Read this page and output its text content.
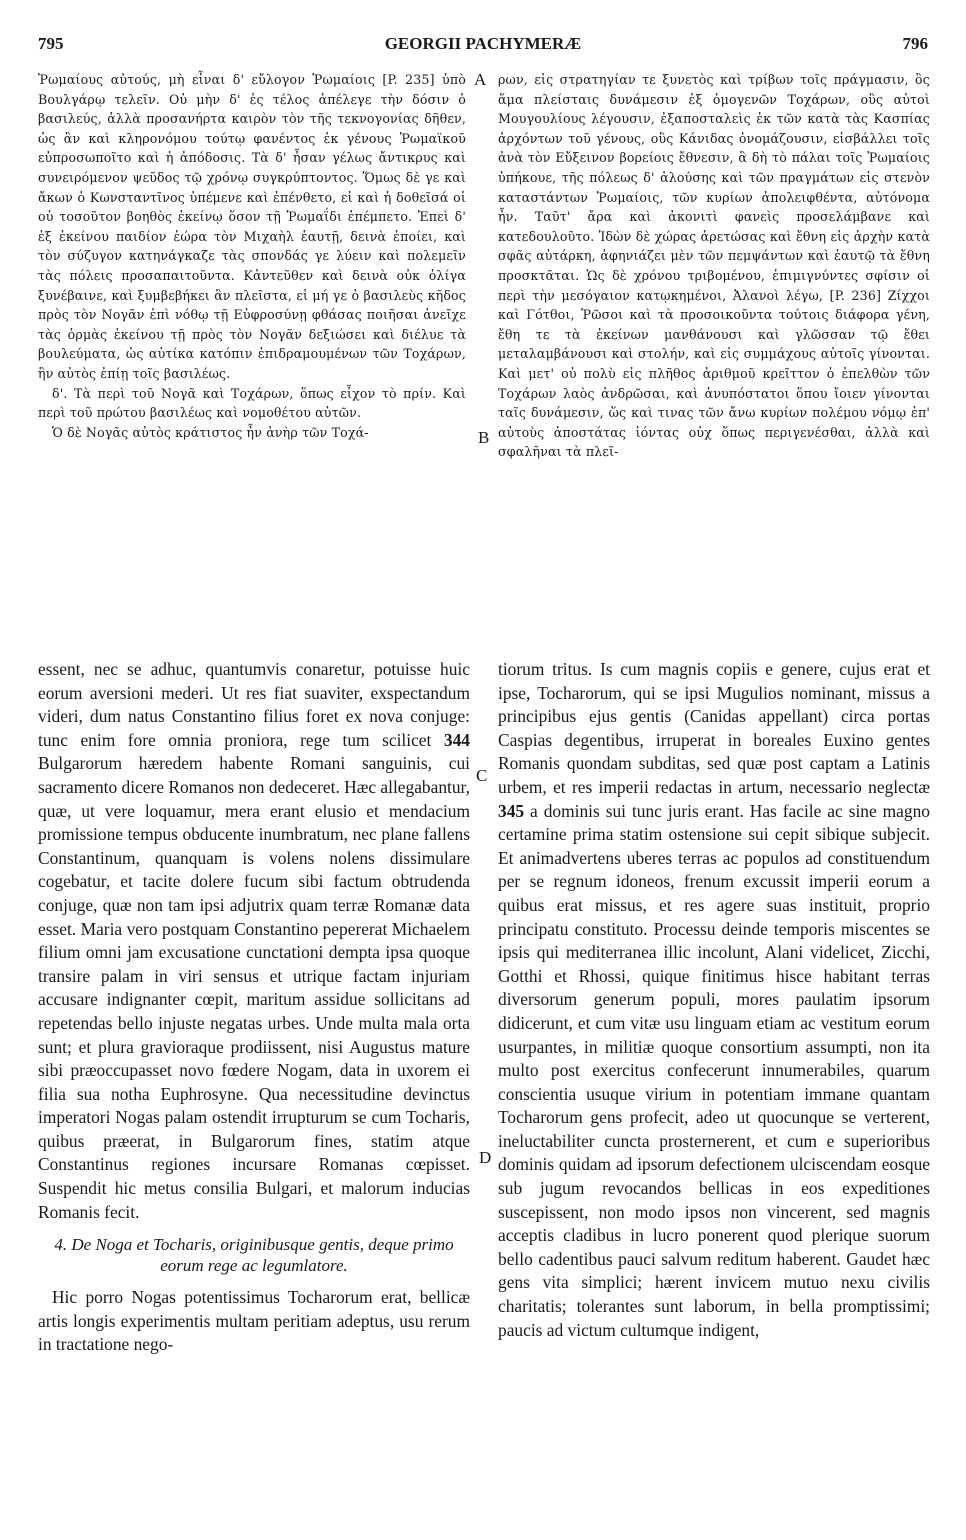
795	GEORGII PACHYMERÆ	796
A
B
C
D

Ῥωμαίους αὐτούς, μὴ εἶναι δ' εὔλογον Ῥωμαίοις [P. 235] ὑπὸ Βουλγάρῳ τελεῖν. Οὐ μὴν δ' ἐς τέλος ἀπέλεγε τὴν δόσιν ὁ βασιλεύς, ἀλλὰ προσανήρτα καιρὸν τὸν τῆς τεκνογονίας δῆθεν, ὡς ἂν καὶ κληρονόμου τούτῳ φανέντος ἐκ γένους Ῥωμαϊκοῦ εὐπροσωποῖτο καὶ ἡ ἀπόδοσις. Τὰ δ' ἦσαν γέλως ἄντικρυς καὶ συνειρόμενον ψεῦδος τῷ χρόνῳ συγκρύπτοντος. Ὅμως δὲ γε καὶ ἄκων ὁ Κωνσταντῖνος ὑπέμενε καὶ ἐπένθετο, εἰ καὶ ἡ δοθεῖσά οἱ οὐ τοσοῦτον βοηθὸς ἐκείνῳ ὅσον τῇ Ῥωμαΐδι ἐπέμπετο. Ἐπεὶ δ' ἐξ ἐκείνου παιδίον ἑώρα τὸν Μιχαὴλ ἑαυτῇ, δεινὰ ἐποίει, καὶ τὸν σύζυγον κατηνάγκαζε τὰς σπονδάς γε λύειν καὶ πολεμεῖν τὰς πόλεις προσαπαιτοῦντα. Κἀντεῦθεν καὶ δεινὰ οὐκ ὀλίγα ξυνέβαινε, καὶ ξυμβεβήκει ἂν πλεῖστα, εἰ μή γε ὁ βασιλεὺς κῆδος πρὸς τὸν Νογᾶν ἐπὶ νόθῳ τῇ Εὐφροσύνῃ φθάσας ποιῆσαι ἀνεῖχε τὰς ὁρμὰς ἐκείνου τῇ πρὸς τὸν Νογᾶν δεξιώσει καὶ διέλυε τὰ βουλεύματα, ὡς αὐτίκα κατόπιν ἐπιδραμουμένων τῶν Τοχάρων, ἣν αὐτὸς ἐπίῃ τοῖς βασιλέως.

δ'. Τὰ περὶ τοῦ Νογᾶ καὶ Τοχάρων, ὅπως εἶχον τὸ πρίν. Καὶ περὶ τοῦ πρώτου βασιλέως καὶ νομοθέτου αὐτῶν.

Ὁ δὲ Νογᾶς αὐτὸς κράτιστος ἦν ἀνὴρ τῶν Τοχά-

ρων, εἰς στρατηγίαν τε ξυνετὸς καὶ τρίβων τοῖς πράγμασιν, ὃς ἅμα πλείσταις δυνάμεσιν ἐξ ὁμογενῶν Τοχάρων, οὓς αὐτοὶ Μουγουλίους λέγουσιν, ἐξαποσταλεὶς ἐκ τῶν κατὰ τὰς Κασπίας ἀρχόντων τοῦ γένους, οὓς Κάνιδας ὀνομάζουσιν, εἰσβάλλει τοῖς ἀνὰ τὸν Εὔξεινον βορείοις ἔθνεσιν, ἃ δὴ τὸ πάλαι τοῖς Ῥωμαίοις ὑπήκουε, τῆς πόλεως δ' ἁλούσης καὶ τῶν πραγμάτων εἰς στενὸν καταστάντων Ῥωμαίοις, τῶν κυρίων ἀπολειφθέντα, αὐτόνομα ἦν. Ταῦτ' ἄρα καὶ ἀκονιτὶ φανεὶς προσελάμβανε καὶ κατεδουλοῦτο. Ἰδὼν δὲ χώρας ἀρετώσας καὶ ἔθνη εἰς ἀρχὴν κατὰ σφᾶς αὐτάρκη, ἀφηνιάζει μὲν τῶν πεμψάντων καὶ ἑαυτῷ τὰ ἔθνη προσκτᾶται. Ὡς δὲ χρόνου τριβομένου, ἐπιμιγνύντες σφίσιν οἱ περὶ τὴν μεσόγαιον κατῳκημένοι, Ἀλανοὶ λέγω, [P. 236] Ζίχχοι καὶ Γότθοι, Ῥῶσοι καὶ τὰ προσοικοῦντα τούτοις διάφορα γένη, ἔθη τε τὰ ἐκείνων μανθάνουσι καὶ γλῶσσαν τῷ ἔθει μεταλαμβάνουσι καὶ στολήν, καὶ εἰς συμμάχους αὐτοῖς γίνονται. Καὶ μετ' οὐ πολὺ εἰς πλῆθος ἀριθμοῦ κρεῖττον ὁ ἐπελθὼν τῶν Τοχάρων λαὸς ἀνδρῶσαι, καὶ ἀνυπόστατοι ὅπου ἴοιεν γίνονται ταῖς δυνάμεσιν, ὥς καὶ τινας τῶν ἄνω κυρίων πολέμου νόμῳ ἐπ' αὐτοὺς ἀποστάτας ἰόντας οὐχ ὅπως περιγενέσθαι, ἀλλὰ καὶ σφαλῆναι τὰ πλεῖ-

essent, nec se adhuc, quantumvis conaretur, potuisse huic eorum aversioni mederi. Ut res fiat suaviter, exspectandum videri, dum natus Constantino filius foret ex nova conjuge: tunc enim fore omnia proniora, rege tum scilicet 344 Bulgarorum hæredem habente Romani sanguinis, cui sacramento dicere Romanos non dedeceret. Hæc allegabantur, quæ, ut vere loquamur, mera erant elusio et mendacium promissione tempus obducente inumbratum, nec plane fallens Constantinum, quanquam is volens nolens dissimulare cogebatur, et tacite dolere fucum sibi factum obtrudenda conjuge, quæ non tam ipsi adjutrix quam terræ Romanæ data esset. Maria vero postquam Constantino pepererat Michaelem filium omni jam excusatione cunctationi dempta ipsa quoque transire palam in viri sensus et utrique factam injuriam accusare indignanter cœpit, maritum assidue sollicitans ad repetendas bello injuste negatas urbes. Unde multa mala orta sunt; et plura gravioraque prodiissent, nisi Augustus mature sibi præoccupasset novo fœdere Nogam, data in uxorem ei filia sua notha Euphrosyne. Qua necessitudine devinctus imperatori Nogas palam ostendit irrupturum se cum Tocharis, quibus præerat, in Bulgarorum fines, statim atque Constantinus regiones incursare Romanas cœpisset. Suspendit hic metus consilia Bulgari, et malorum inducias Romanis fecit.

4. De Noga et Tocharis, originibusque gentis, deque primo eorum rege ac legumlatore.

Hic porro Nogas potentissimus Tocharorum erat, bellicæ artis longis experimentis multam peritiam adeptus, usu rerum in tractatione nego-

tiorum tritus. Is cum magnis copiis e genere, cujus erat et ipse, Tocharorum, qui se ipsi Mugulios nominant, missus a principibus ejus gentis (Canidas appellant) circa portas Caspias degentibus, irruperat in boreales Euxino gentes Romanis quondam subditas, sed quæ post captam a Latinis urbem, et res imperii redactas in artum, necessario neglectæ 345 a dominis sui tunc juris erant. Has facile ac sine magno certamine prima statim ostensione sui cepit sibique subjecit. Et animadvertens uberes terras ac populos ad constituendum per se regnum idoneos, frenum excussit imperii eorum a quibus erat missus, et res agere suas instituit, proprio principatu constituto. Processu deinde temporis miscentes se ipsis qui mediterranea illic incolunt, Alani videlicet, Zicchi, Gotthi et Rhossi, quique finitimus hisce habitant terras diversorum generum populi, mores paulatim ipsorum didicerunt, et cum vitæ usu linguam etiam ac vestitum eorum usurpantes, in militiæ quoque consortium assumpti, non ita multo post exercitus confecerunt innumerabiles, quarum conscientia usuque virium in potentiam immane quantam Tocharorum gens profecit, adeo ut quocunque se verterent, ineluctabiliter cuncta prosternerent, et cum e superioribus dominis quidam ad ipsorum defectionem ulciscendam eosque sub jugum revocandos bellicas in eos expeditiones suscepissent, non modo ipsos non vincerent, sed magnis acceptis cladibus in lucro ponerent quod plerique suorum bello cadentibus pauci salvum reditum haberent. Gaudet hæc gens vita simplici; hærent invicem mutuo nexu civilis charitatis; tolerantes sunt laborum, in bella promptissimi; paucis ad victum cultumque indigent,
